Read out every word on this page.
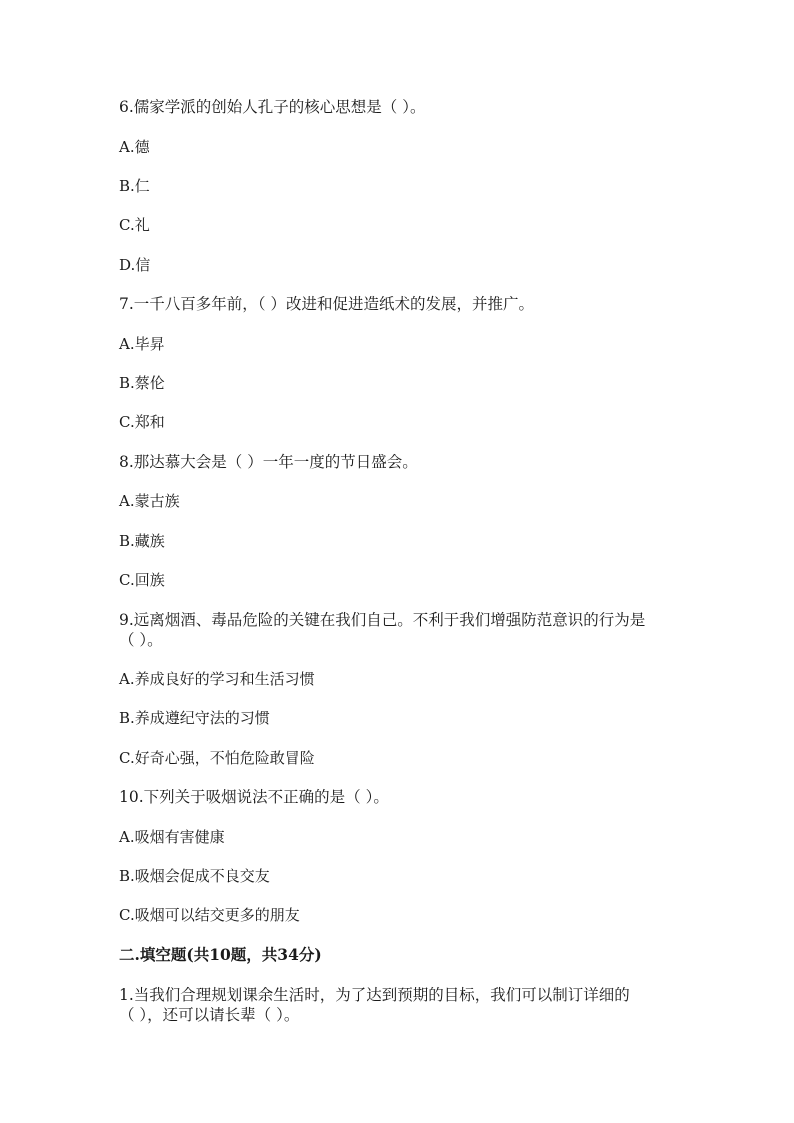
6.儒家学派的创始人孔子的核心思想是（ ）。
A.德
B.仁
C.礼
D.信
7.一千八百多年前，（ ）改进和促进造纸术的发展，并推广。
A.毕昇
B.蔡伦
C.郑和
8.那达慕大会是（ ）一年一度的节日盛会。
A.蒙古族
B.藏族
C.回族
9.远离烟酒、毒品危险的关键在我们自己。不利于我们增强防范意识的行为是
（ ）。
A.养成良好的学习和生活习惯
B.养成遵纪守法的习惯
C.好奇心强，不怕危险敢冒险
10.下列关于吸烟说法不正确的是（ ）。
A.吸烟有害健康
B.吸烟会促成不良交友
C.吸烟可以结交更多的朋友
二.填空题(共10题，共34分)
1.当我们合理规划课余生活时，为了达到预期的目标，我们可以制订详细的
（ ），还可以请长辈（ ）。
